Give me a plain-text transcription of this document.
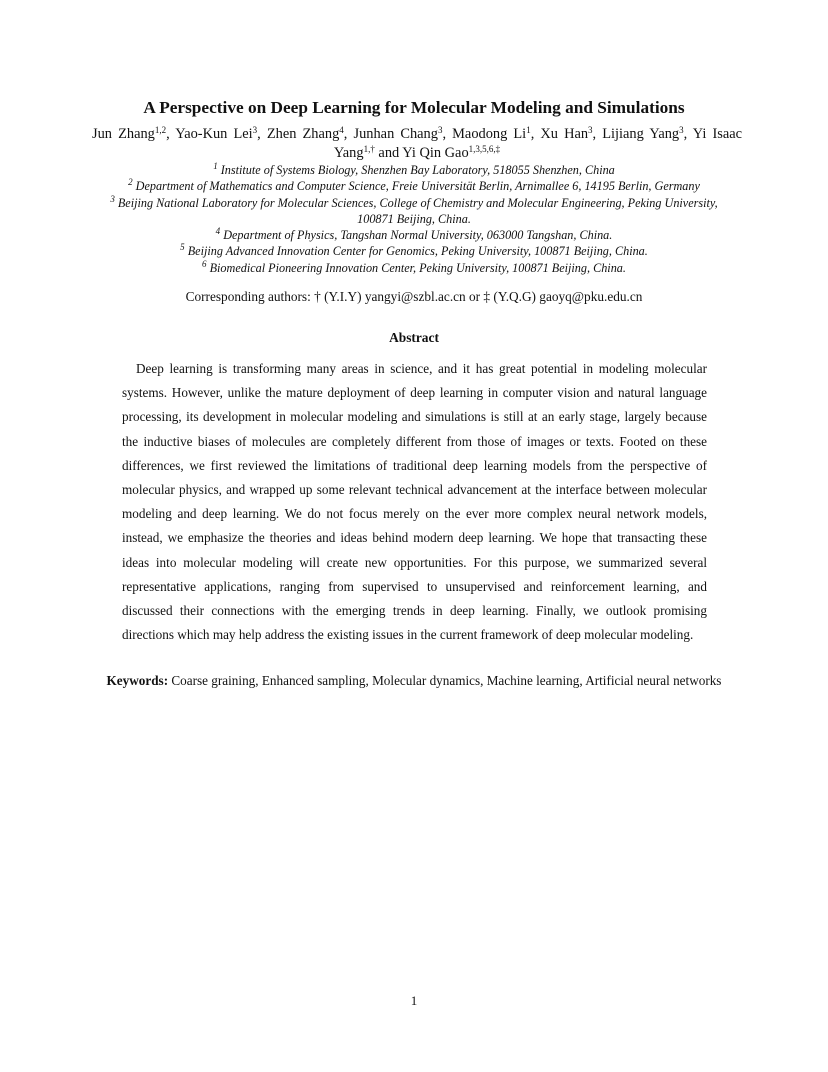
A Perspective on Deep Learning for Molecular Modeling and Simulations
Jun Zhang$^{1,2}$, Yao-Kun Lei$^3$, Zhen Zhang$^4$, Junhan Chang$^3$, Maodong Li$^1$, Xu Han$^3$, Lijiang Yang$^3$, Yi Isaac Yang$^{1,\dagger}$ and Yi Qin Gao$^{1,3,5,6,\ddagger}$
$^1$ Institute of Systems Biology, Shenzhen Bay Laboratory, 518055 Shenzhen, China
$^2$ Department of Mathematics and Computer Science, Freie Universität Berlin, Arnimallee 6, 14195 Berlin, Germany
$^3$ Beijing National Laboratory for Molecular Sciences, College of Chemistry and Molecular Engineering, Peking University, 100871 Beijing, China.
$^4$ Department of Physics, Tangshan Normal University, 063000 Tangshan, China.
$^5$ Beijing Advanced Innovation Center for Genomics, Peking University, 100871 Beijing, China.
$^6$ Biomedical Pioneering Innovation Center, Peking University, 100871 Beijing, China.
Corresponding authors: † (Y.I.Y) yangyi@szbl.ac.cn or ‡ (Y.Q.G) gaoyq@pku.edu.cn
Abstract
Deep learning is transforming many areas in science, and it has great potential in modeling molecular systems. However, unlike the mature deployment of deep learning in computer vision and natural language processing, its development in molecular modeling and simulations is still at an early stage, largely because the inductive biases of molecules are completely different from those of images or texts. Footed on these differences, we first reviewed the limitations of traditional deep learning models from the perspective of molecular physics, and wrapped up some relevant technical advancement at the interface between molecular modeling and deep learning. We do not focus merely on the ever more complex neural network models, instead, we emphasize the theories and ideas behind modern deep learning. We hope that transacting these ideas into molecular modeling will create new opportunities. For this purpose, we summarized several representative applications, ranging from supervised to unsupervised and reinforcement learning, and discussed their connections with the emerging trends in deep learning. Finally, we outlook promising directions which may help address the existing issues in the current framework of deep molecular modeling.
Keywords: Coarse graining, Enhanced sampling, Molecular dynamics, Machine learning, Artificial neural networks
1
